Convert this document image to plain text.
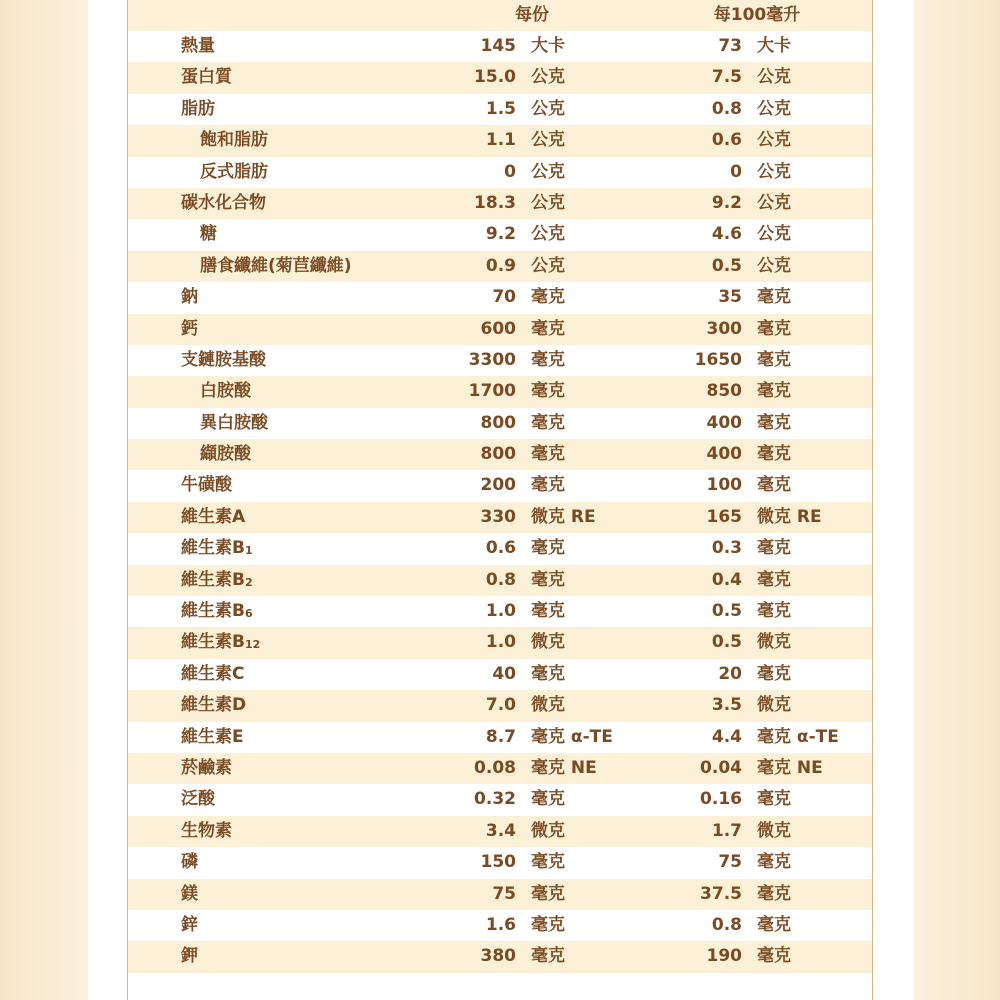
每份	每100毫升
熱量	145 大卡	73 大卡
蛋白質	15.0 公克	7.5 公克
脂肪	1.5 公克	0.8 公克
飽和脂肪	1.1 公克	0.6 公克
反式脂肪	0 公克	0 公克
碳水化合物	18.3 公克	9.2 公克
糖	9.2 公克	4.6 公克
膳食纖維(菊苣纖維)	0.9 公克	0.5 公克
鈉	70 毫克	35 毫克
鈣	600 毫克	300 毫克
支鏈胺基酸	3300 毫克	1650 毫克
白胺酸	1700 毫克	850 毫克
異白胺酸	800 毫克	400 毫克
纈胺酸	800 毫克	400 毫克
牛磺酸	200 毫克	100 毫克
維生素A	330 微克 RE	165 微克 RE
維生素$B_1$	0.6 毫克	0.3 毫克
維生素$B_2$	0.8 毫克	0.4 毫克
維生素$B_6$	1.0 毫克	0.5 毫克
維生素$B_{12}$	1.0 微克	0.5 微克
維生素C	40 毫克	20 毫克
維生素D	7.0 微克	3.5 微克
維生素E	8.7 毫克 α-TE	4.4 毫克 α-TE
菸鹼素	0.08 毫克 NE	0.04 毫克 NE
泛酸	0.32 毫克	0.16 毫克
生物素	3.4 微克	1.7 微克
磷	150 毫克	75 毫克
鎂	75 毫克	37.5 毫克
鋅	1.6 毫克	0.8 毫克
鉀	380 毫克	190 毫克
